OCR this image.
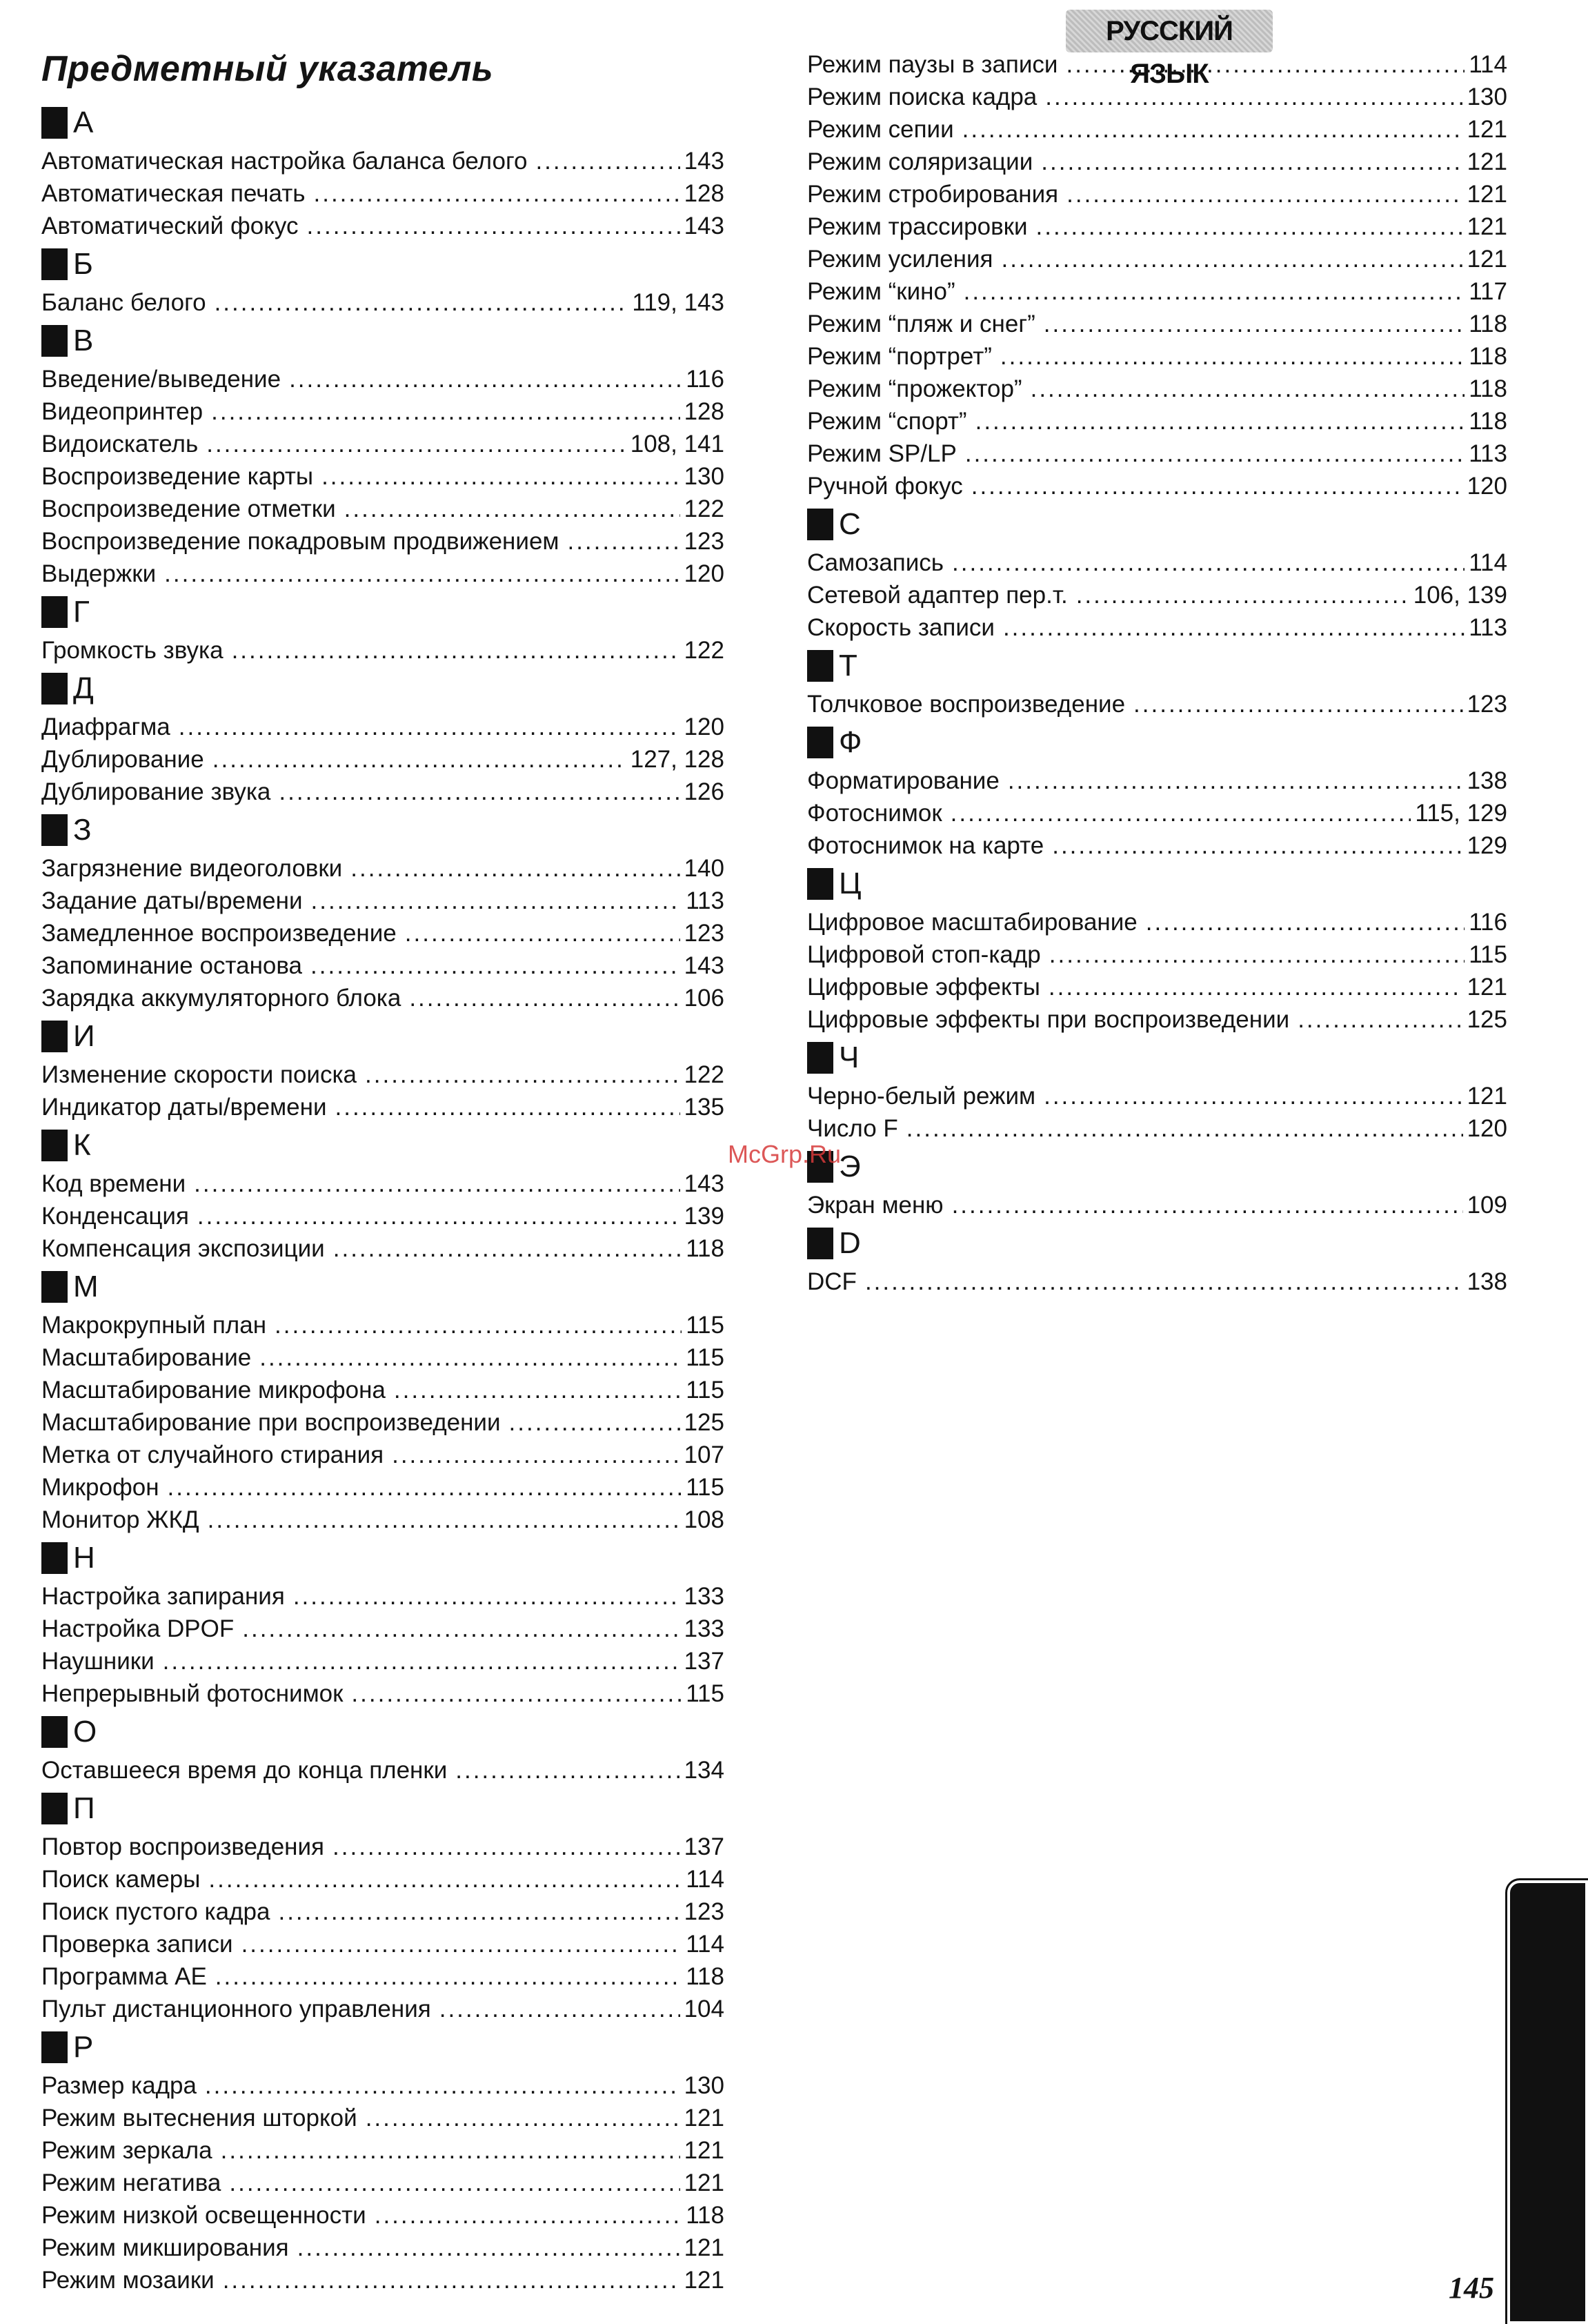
РУССКИЙ ЯЗЫК
Предметный указатель
А
Автоматическая настройка баланса белого .....	143
Автоматическая печать .....	128
Автоматический фокус .....	143
Б
Баланс белого .....	119, 143
В
Введение/выведение .....	116
Видеопринтер .....	128
Видоискатель .....	108, 141
Воспроизведение карты .....	130
Воспроизведение отметки .....	122
Воспроизведение покадровым продвижением .....	123
Выдержки .....	120
Г
Громкость звука .....	122
Д
Диафрагма .....	120
Дублирование .....	127, 128
Дублирование звука .....	126
З
Загрязнение видеоголовки .....	140
Задание даты/времени .....	113
Замедленное воспроизведение .....	123
Запоминание останова .....	143
Зарядка аккумуляторного блока .....	106
И
Изменение скорости поиска .....	122
Индикатор даты/времени .....	135
К
Код времени .....	143
Конденсация .....	139
Компенсация экспозиции .....	118
М
Макрокрупный план .....	115
Масштабирование .....	115
Масштабирование микрофона .....	115
Масштабирование при воспроизведении .....	125
Метка от случайного стирания .....	107
Микрофон .....	115
Монитор ЖКД .....	108
Н
Настройка запирания .....	133
Настройка DPOF .....	133
Наушники .....	137
Непрерывный фотоснимок .....	115
О
Оставшееся время до конца пленки .....	134
П
Повтор воспроизведения .....	137
Поиск камеры .....	114
Поиск пустого кадра .....	123
Проверка записи .....	114
Программа АЕ .....	118
Пульт дистанционного управления .....	104
Р
Размер кадра .....	130
Режим вытеснения шторкой .....	121
Режим зеркала .....	121
Режим негатива .....	121
Режим низкой освещенности .....	118
Режим микширования .....	121
Режим мозаики .....	121
Режим паузы в записи .....	114
Режим поиска кадра .....	130
Режим сепии .....	121
Режим соляризации .....	121
Режим стробирования .....	121
Режим трассировки .....	121
Режим усиления .....	121
Режим “кино” .....	117
Режим “пляж и снег” .....	118
Режим “портрет” .....	118
Режим “прожектор” .....	118
Режим “спорт” .....	118
Режим SP/LP .....	113
Ручной фокус .....	120
С
Самозапись .....	114
Сетевой адаптер пер.т. .....	106, 139
Скорость записи .....	113
Т
Толчковое воспроизведение .....	123
Ф
Форматирование .....	138
Фотоснимок .....	115, 129
Фотоснимок на карте .....	129
Ц
Цифровое масштабирование .....	116
Цифровой стоп-кадр .....	115
Цифровые эффекты .....	121
Цифровые эффекты при воспроизведении .....	125
Ч
Черно-белый режим .....	121
Число F .....	120
Э
Экран меню .....	109
D
DCF .....	138
McGrp.Ru
145
